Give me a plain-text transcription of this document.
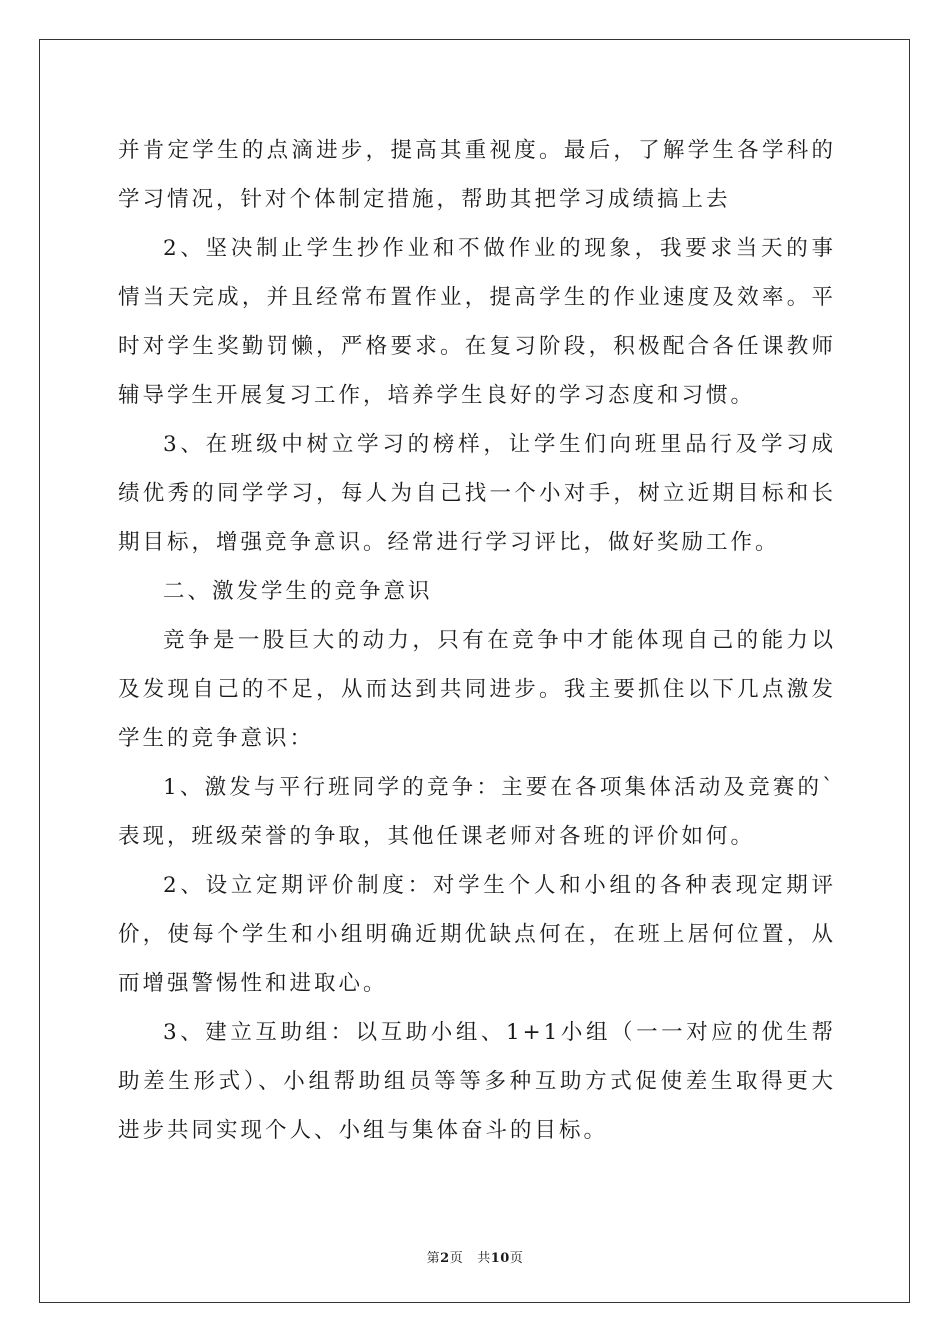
并肯定学生的点滴进步，提高其重视度。最后，了解学生各学科的学习情况，针对个体制定措施，帮助其把学习成绩搞上去

2、坚决制止学生抄作业和不做作业的现象，我要求当天的事情当天完成，并且经常布置作业，提高学生的作业速度及效率。平时对学生奖勤罚懒，严格要求。在复习阶段，积极配合各任课教师辅导学生开展复习工作，培养学生良好的学习态度和习惯。

3、在班级中树立学习的榜样，让学生们向班里品行及学习成绩优秀的同学学习，每人为自己找一个小对手，树立近期目标和长期目标，增强竞争意识。经常进行学习评比，做好奖励工作。

二、激发学生的竞争意识

竞争是一股巨大的动力，只有在竞争中才能体现自己的能力以及发现自己的不足，从而达到共同进步。我主要抓住以下几点激发学生的竞争意识：

1、激发与平行班同学的竞争：主要在各项集体活动及竞赛的`表现，班级荣誉的争取，其他任课老师对各班的评价如何。

2、设立定期评价制度：对学生个人和小组的各种表现定期评价，使每个学生和小组明确近期优缺点何在，在班上居何位置，从而增强警惕性和进取心。

3、建立互助组：以互助小组、1+1小组（一一对应的优生帮助差生形式）、小组帮助组员等等多种互助方式促使差生取得更大进步共同实现个人、小组与集体奋斗的目标。

第2页 共10页
